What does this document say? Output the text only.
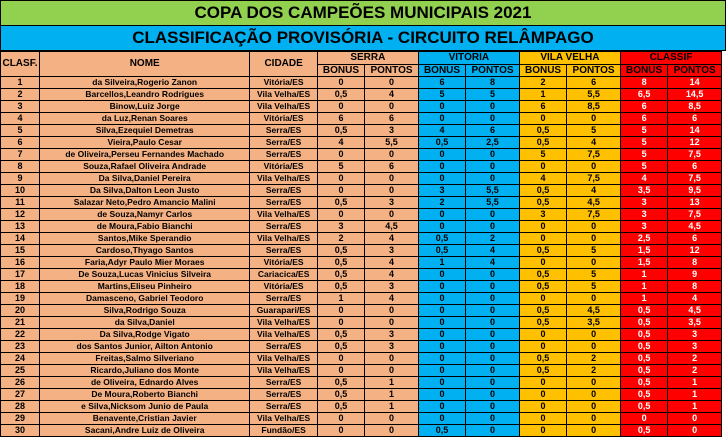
COPA DOS CAMPEÕES MUNICIPAIS 2021
CLASSIFICAÇÃO PROVISÓRIA - CIRCUITO RELÂMPAGO
CLASF.	NOME	CIDADE	SERRA		VITÓRIA		VILA VELHA		CLASSIF	
			BONUS	PONTOS	BONUS	PONTOS	BONUS	PONTOS	BONUS	PONTOS
1	da Silveira,Rogerio Zanon	Vitória/ES	0	0	6	8	2	6	8	14
2	Barcellos,Leandro Rodrigues	Vila Velha/ES	0,5	4	5	5	1	5,5	6,5	14,5
3	Binow,Luiz Jorge	Vila Velha/ES	0	0	0	0	6	8,5	6	8,5
4	da Luz,Renan Soares	Vitória/ES	6	6	0	0	0	0	6	6
5	Silva,Ezequiel Demetras	Serra/ES	0,5	3	4	6	0,5	5	5	14
6	Vieira,Paulo Cesar	Serra/ES	4	5,5	0,5	2,5	0,5	4	5	12
7	de Oliveira,Perseu Fernandes Machado	Serra/ES	0	0	0	0	5	7,5	5	7,5
8	Souza,Rafael Oliveira Andrade	Vitória/ES	5	6	0	0	0	0	5	6
9	Da Silva,Daniel Pereira	Vila Velha/ES	0	0	0	0	4	7,5	4	7,5
10	Da Silva,Dalton Leon Justo	Serra/ES	0	0	3	5,5	0,5	4	3,5	9,5
11	Salazar Neto,Pedro Amancio Malini	Serra/ES	0,5	3	2	5,5	0,5	4,5	3	13
12	de Souza,Namyr Carlos	Vila Velha/ES	0	0	0	0	3	7,5	3	7,5
13	de Moura,Fabio Bianchi	Serra/ES	3	4,5	0	0	0	0	3	4,5
14	Santos,Mike Sperandio	Vila Velha/ES	2	4	0,5	2	0	0	2,5	6
15	Cardoso,Thyago Santos	Serra/ES	0,5	3	0,5	4	0,5	5	1,5	12
16	Faria,Adyr Paulo Mier Moraes	Vitória/ES	0,5	4	1	4	0	0	1,5	8
17	De Souza,Lucas Vinicius Silveira	Cariacica/ES	0,5	4	0	0	0,5	5	1	9
18	Martins,Eliseu Pinheiro	Vitória/ES	0,5	3	0	0	0,5	5	1	8
19	Damasceno, Gabriel Teodoro	Serra/ES	1	4	0	0	0	0	1	4
20	Silva,Rodrigo Souza	Guarapari/ES	0	0	0	0	0,5	4,5	0,5	4,5
21	da Silva,Daniel	Vila Velha/ES	0	0	0	0	0,5	3,5	0,5	3,5
22	Da Silva,Rodge Vigato	Vila Velha/ES	0,5	3	0	0	0	0	0,5	3
23	dos Santos Junior, Ailton Antonio	Serra/ES	0,5	3	0	0	0	0	0,5	3
24	Freitas,Salmo Silveriano	Vila Velha/ES	0	0	0	0	0,5	2	0,5	2
25	Ricardo,Juliano dos Monte	Vila Velha/ES	0	0	0	0	0,5	2	0,5	2
26	de Oliveira, Ednardo Alves	Serra/ES	0,5	1	0	0	0	0	0,5	1
27	De Moura,Roberto Bianchi	Serra/ES	0,5	1	0	0	0	0	0,5	1
28	e Silva,Nicksom Junio de Paula	Serra/ES	0,5	1	0	0	0	0	0,5	1
29	Benavente,Cristian Javier	Vila Velha/ES	0	0	0	0	0	0	0	0
30	Sacani,Andre Luiz de Oliveira	Fundão/ES	0	0	0,5	0	0	0	0,5	0
